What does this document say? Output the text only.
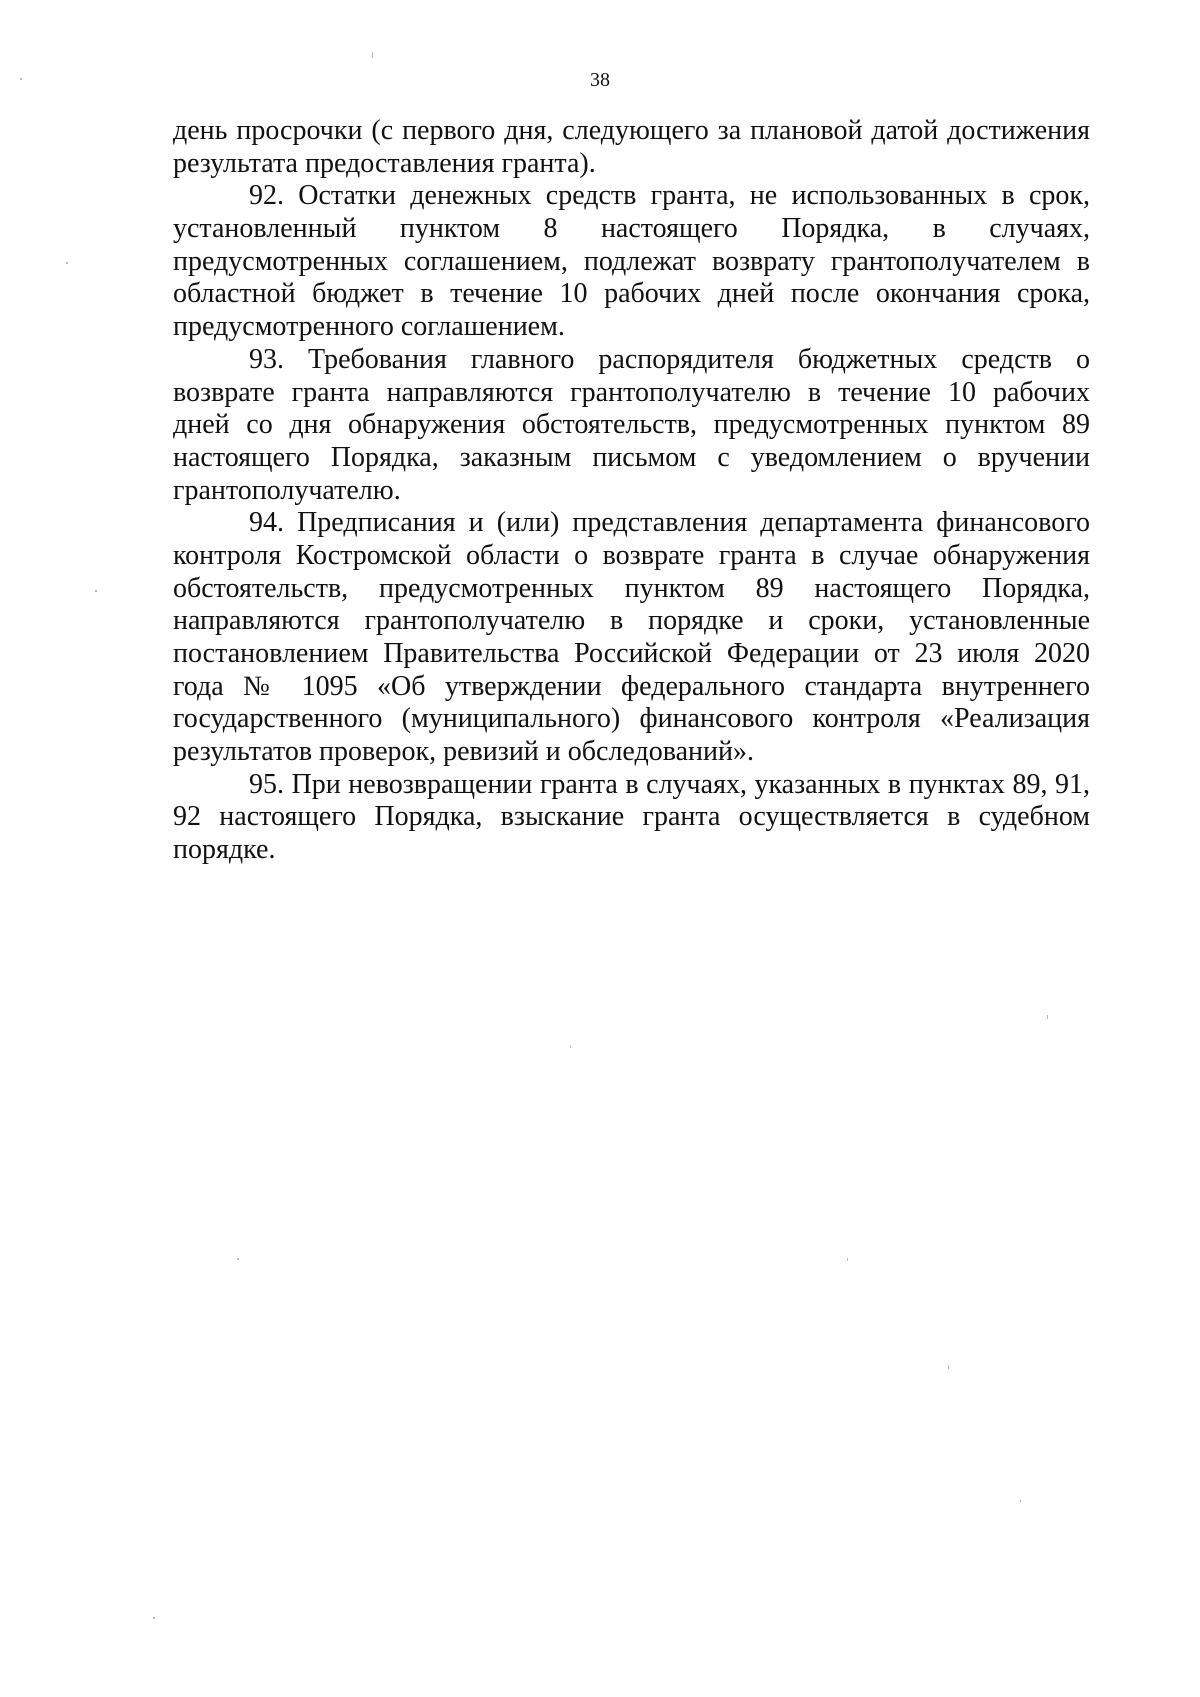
38
день просрочки (с первого дня, следующего за плановой датой достижения
результата предоставления гранта).
92. Остатки денежных средств гранта, не использованных в срок,
установленный пунктом 8 настоящего Порядка, в случаях,
предусмотренных соглашением, подлежат возврату грантополучателем в
областной бюджет в течение 10 рабочих дней после окончания срока,
предусмотренного соглашением.
93. Требования главного распорядителя бюджетных средств о
возврате гранта направляются грантополучателю в течение 10 рабочих
дней со дня обнаружения обстоятельств, предусмотренных пунктом 89
настоящего Порядка, заказным письмом с уведомлением о вручении
грантополучателю.
94. Предписания и (или) представления департамента финансового
контроля Костромской области о возврате гранта в случае обнаружения
обстоятельств, предусмотренных пунктом 89 настоящего Порядка,
направляются грантополучателю в порядке и сроки, установленные
постановлением Правительства Российской Федерации от 23 июля 2020
года № 1095 «Об утверждении федерального стандарта внутреннего
государственного (муниципального) финансового контроля «Реализация
результатов проверок, ревизий и обследований».
95. При невозвращении гранта в случаях, указанных в пунктах 89, 91,
92 настоящего Порядка, взыскание гранта осуществляется в судебном
порядке.
